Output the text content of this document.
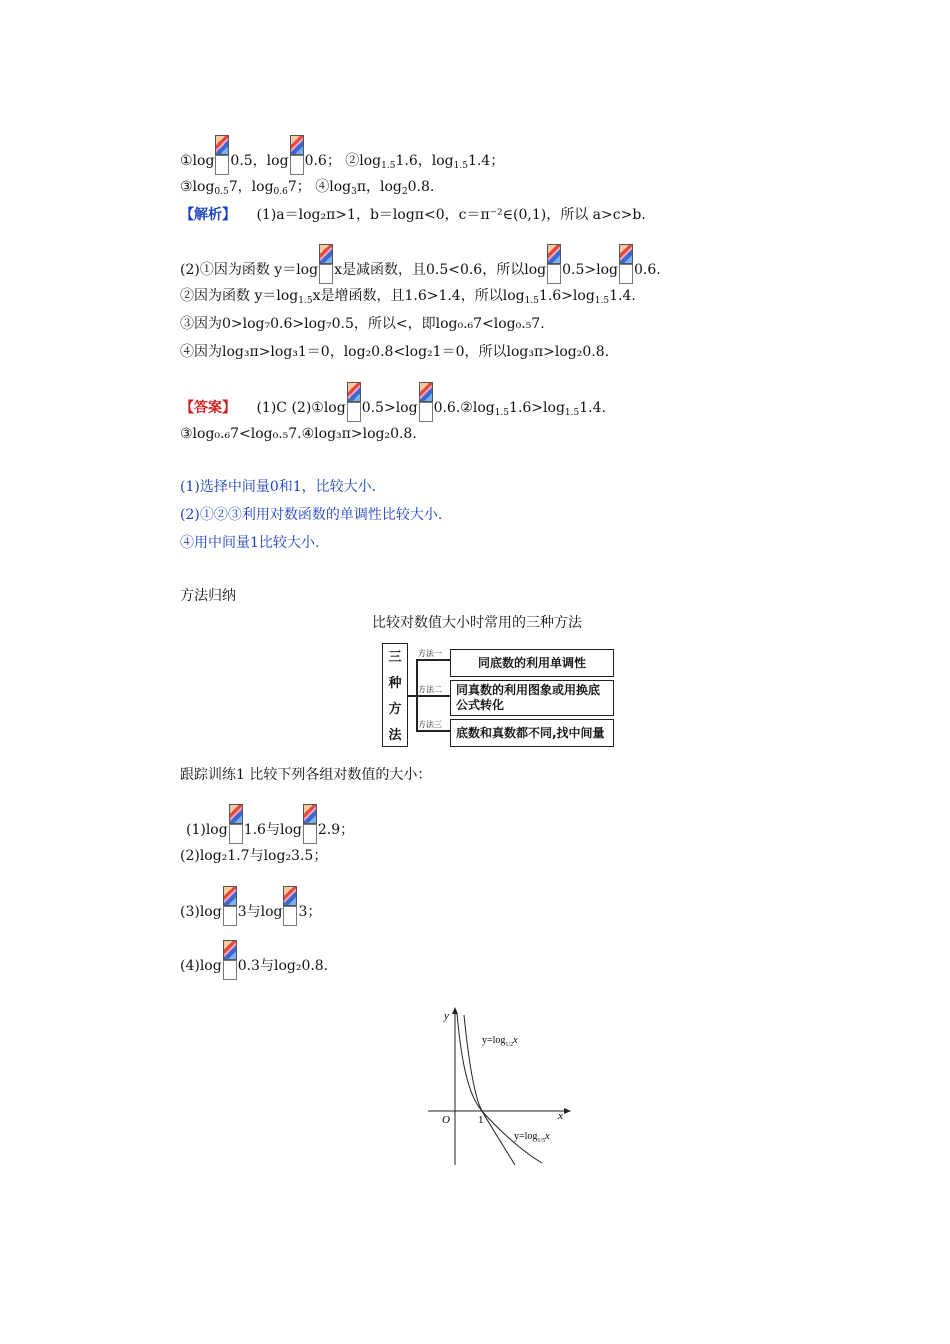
①log 0.5，log 0.6； $②\log_{1.5}1.6$，$\log_{1.5}1.4$；
$③\log_{0.5}7$，$\log_{0.6}7$； $④\log_3\pi$，$\log_20.8$.
【解析】 (1)a＝log₂π>1，b＝logπ<0，c＝π⁻²∈(0,1)，所以 a>c>b.
(2)①因为函数 y＝log x是减函数，且0.5<0.6，所以log 0.5>log 0.6.
②因为函数 $y=\log_{1.5}x$是增函数，且1.6>1.4，所以$\log_{1.5}1.6>\log_{1.5}1.4$.
③因为0>log₇0.6>log₇0.5，所以<，即log₀.₆7<log₀.₅7.
④因为log₃π>log₃1＝0，log₂0.8<log₂1＝0，所以log₃π>log₂0.8.
【答案】 (1)C (2)①log 0.5>log $0.6.②\log_{1.5}1.6>\log_{1.5}1.4$.
③log₀.₆7<log₀.₅7.④log₃π>log₂0.8.
(1)选择中间量0和1，比较大小.
(2)①②③利用对数函数的单调性比较大小.
④用中间量1比较大小.
方法归纳
比较对数值大小时常用的三种方法
三
种
方
法
方法一
方法二
方法三
同底数的利用单调性
同真数的利用图象或用换底公式转化
底数和真数都不同,找中间量
跟踪训练1 比较下列各组对数值的大小：
(1)log 1.6与log 2.9；
(2)log₂1.7与log₂3.5；
(3)log 3与log 3；
(4)log 0.3与log₂0.8.
y
x
O	1
$y=\log_{1/2}x$
$y=\log_{1/5}x$
